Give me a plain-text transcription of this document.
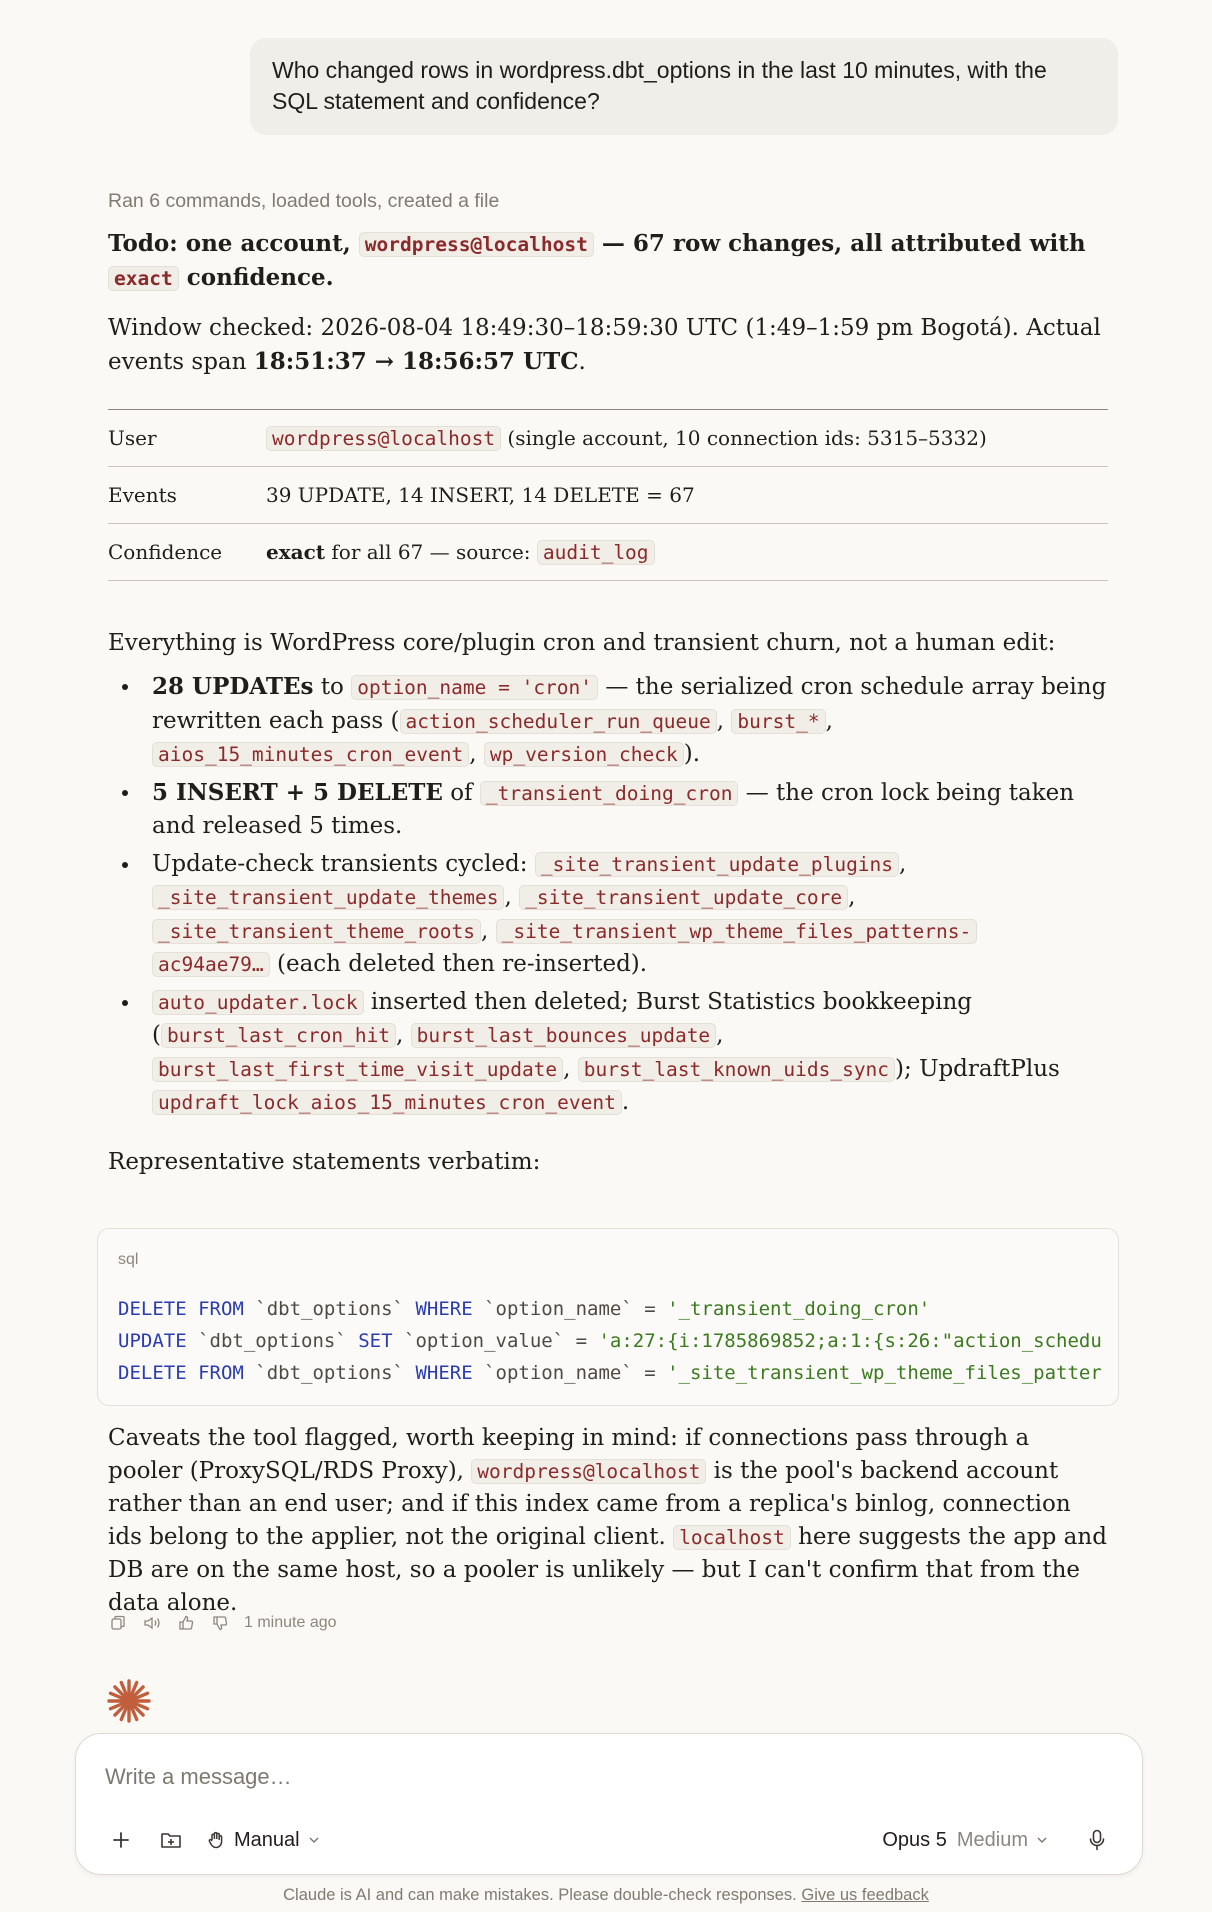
Who changed rows in wordpress.dbt_options in the last 10 minutes, with the SQL statement and confidence?
Ran 6 commands, loaded tools, created a file

Todo: one account, wordpress@localhost — 67 row changes, all attributed with exact confidence.

Window checked: 2026-08-04 18:49:30–18:59:30 UTC (1:49–1:59 pm Bogotá). Actual events span 18:51:37 → 18:56:57 UTC.

User	wordpress@localhost (single account, 10 connection ids: 5315–5332)
Events	39 UPDATE, 14 INSERT, 14 DELETE = 67
Confidence	exact for all 67 — source: audit_log

Everything is WordPress core/plugin cron and transient churn, not a human edit:

28 UPDATEs to option_name = 'cron' — the serialized cron schedule array being rewritten each pass ( action_scheduler_run_queue , burst_* , aios_15_minutes_cron_event , wp_version_check ).
5 INSERT + 5 DELETE of _transient_doing_cron — the cron lock being taken and released 5 times.
Update-check transients cycled: _site_transient_update_plugins , _site_transient_update_themes , _site_transient_update_core , _site_transient_theme_roots , _site_transient_wp_theme_files_patterns-
ac94ae79… (each deleted then re-inserted).
auto_updater.lock inserted then deleted; Burst Statistics bookkeeping ( burst_last_cron_hit , burst_last_bounces_update , burst_last_first_time_visit_update , burst_last_known_uids_sync ); UpdraftPlus updraft_lock_aios_15_minutes_cron_event .

Representative statements verbatim:

sql
DELETE FROM `dbt_options` WHERE `option_name` = '_transient_doing_cron'
UPDATE `dbt_options` SET `option_value` = 'a:27:{i:1785869852;a:1:{s:26:"action_schedu
DELETE FROM `dbt_options` WHERE `option_name` = '_site_transient_wp_theme_files_patter

Caveats the tool flagged, worth keeping in mind: if connections pass through a pooler (ProxySQL/RDS Proxy), wordpress@localhost is the pool's backend account rather than an end user; and if this index came from a replica's binlog, connection ids belong to the applier, not the original client. localhost here suggests the app and DB are on the same host, so a pooler is unlikely — but I can't confirm that from the data alone.

1 minute ago
Write a message…
Manual	Opus 5 Medium
Claude is AI and can make mistakes. Please double-check responses. Give us feedback
